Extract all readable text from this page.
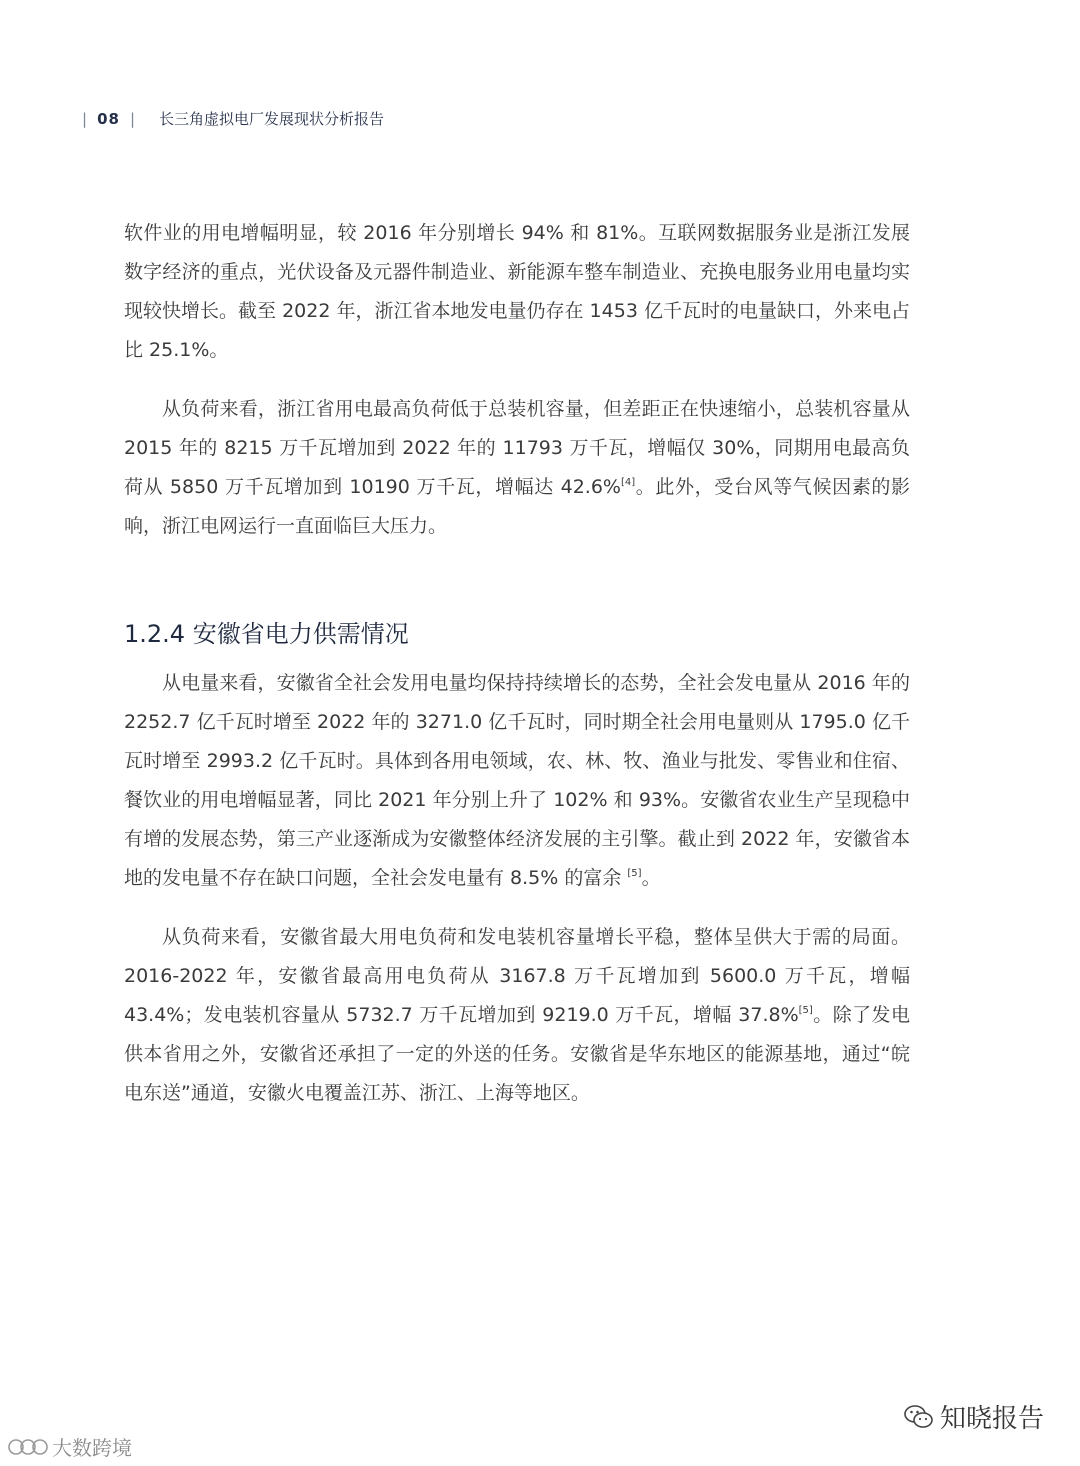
| 08 | 长三角虚拟电厂发展现状分析报告

软件业的用电增幅明显，较 2016 年分别增长 94% 和 81%。互联网数据服务业是浙江发展数字经济的重点，光伏设备及元器件制造业、新能源车整车制造业、充换电服务业用电量均实现较快增长。截至 2022 年，浙江省本地发电量仍存在 1453 亿千瓦时的电量缺口，外来电占比 25.1%。

从负荷来看，浙江省用电最高负荷低于总装机容量，但差距正在快速缩小，总装机容量从 2015 年的 8215 万千瓦增加到 2022 年的 11793 万千瓦，增幅仅 30%，同期用电最高负荷从 5850 万千瓦增加到 10190 万千瓦，增幅达 42.6%[4]。此外，受台风等气候因素的影响，浙江电网运行一直面临巨大压力。

1.2.4 安徽省电力供需情况

从电量来看，安徽省全社会发用电量均保持持续增长的态势，全社会发电量从 2016 年的 2252.7 亿千瓦时增至 2022 年的 3271.0 亿千瓦时，同时期全社会用电量则从 1795.0 亿千瓦时增至 2993.2 亿千瓦时。具体到各用电领域，农、林、牧、渔业与批发、零售业和住宿、餐饮业的用电增幅显著，同比 2021 年分别上升了 102% 和 93%。安徽省农业生产呈现稳中有增的发展态势，第三产业逐渐成为安徽整体经济发展的主引擎。截止到 2022 年，安徽省本地的发电量不存在缺口问题，全社会发电量有 8.5% 的富余 [5]。

从负荷来看，安徽省最大用电负荷和发电装机容量增长平稳，整体呈供大于需的局面。2016-2022 年，安徽省最高用电负荷从 3167.8 万千瓦增加到 5600.0 万千瓦，增幅 43.4%；发电装机容量从 5732.7 万千瓦增加到 9219.0 万千瓦，增幅 37.8%[5]。除了发电供本省用之外，安徽省还承担了一定的外送的任务。安徽省是华东地区的能源基地，通过“皖电东送”通道，安徽火电覆盖江苏、浙江、上海等地区。

知晓报告
大数跨境
